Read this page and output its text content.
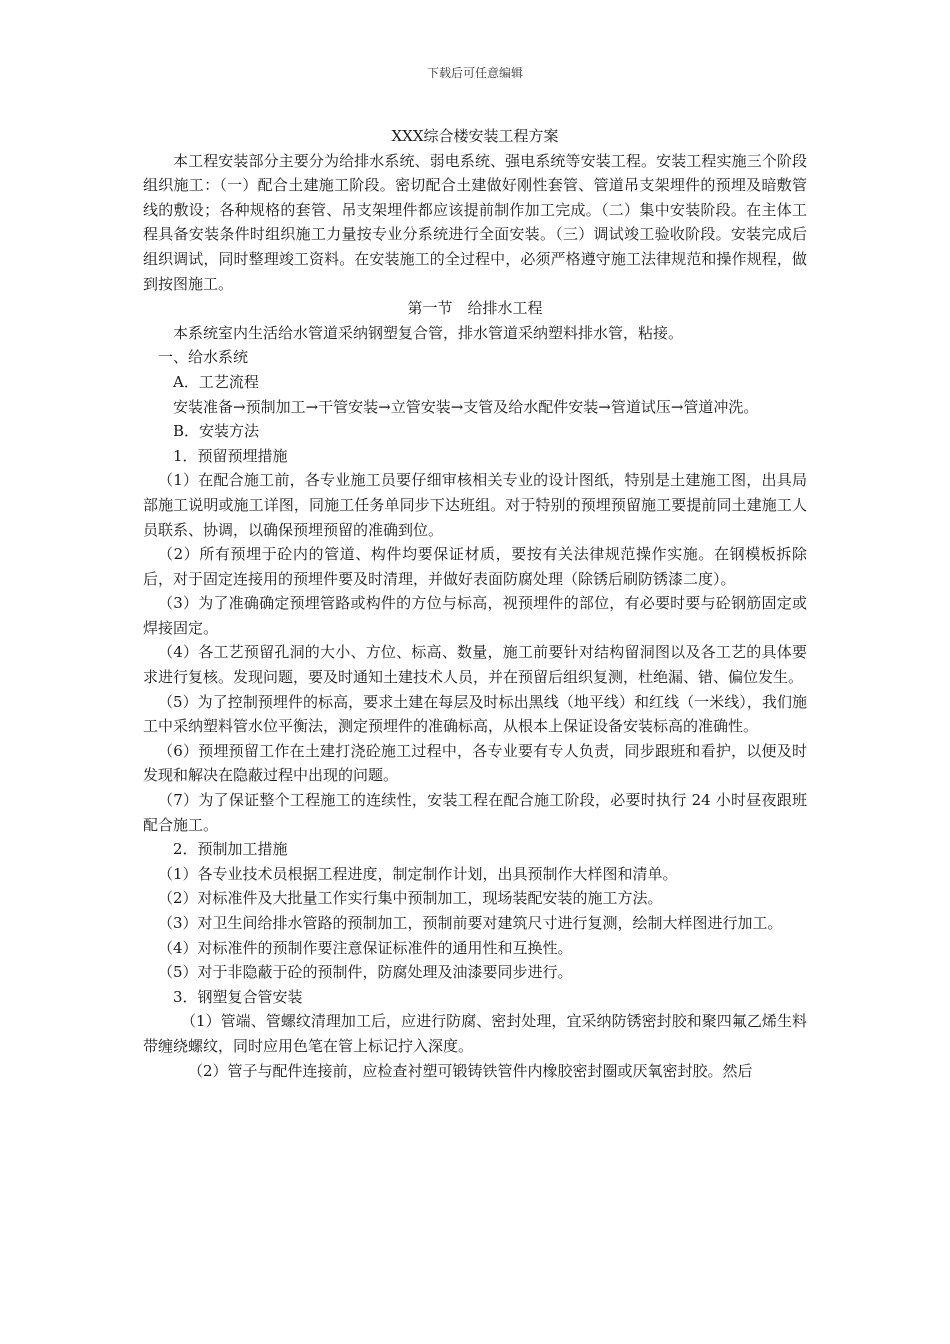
下载后可任意编辑

XXX综合楼安装工程方案

本工程安装部分主要分为给排水系统、弱电系统、强电系统等安装工程。安装工程实施三个阶段组织施工：（一）配合土建施工阶段。密切配合土建做好刚性套管、管道吊支架埋件的预埋及暗敷管线的敷设；各种规格的套管、吊支架埋件都应该提前制作加工完成。（二）集中安装阶段。在主体工程具备安装条件时组织施工力量按专业分系统进行全面安装。（三）调试竣工验收阶段。安装完成后组织调试，同时整理竣工资料。在安装施工的全过程中，必须严格遵守施工法律规范和操作规程，做到按图施工。

第一节　给排水工程

本系统室内生活给水管道采纳钢塑复合管，排水管道采纳塑料排水管，粘接。

一、给水系统

A．工艺流程

安装准备→预制加工→干管安装→立管安装→支管及给水配件安装→管道试压→管道冲洗。

B．安装方法

1．预留预埋措施

（1）在配合施工前，各专业施工员要仔细审核相关专业的设计图纸，特别是土建施工图，出具局部施工说明或施工详图，同施工任务单同步下达班组。对于特别的预埋预留施工要提前同土建施工人员联系、协调，以确保预埋预留的准确到位。

（2）所有预埋于砼内的管道、构件均要保证材质，要按有关法律规范操作实施。在钢模板拆除后，对于固定连接用的预埋件要及时清理，并做好表面防腐处理（除锈后刷防锈漆二度）。

（3）为了准确确定预埋管路或构件的方位与标高，视预埋件的部位，有必要时要与砼钢筋固定或焊接固定。

（4）各工艺预留孔洞的大小、方位、标高、数量，施工前要针对结构留洞图以及各工艺的具体要求进行复核。发现问题，要及时通知土建技术人员，并在预留后组织复测，杜绝漏、错、偏位发生。

（5）为了控制预埋件的标高，要求土建在每层及时标出黑线（地平线）和红线（一米线），我们施工中采纳塑料管水位平衡法，测定预埋件的准确标高，从根本上保证设备安装标高的准确性。

（6）预埋预留工作在土建打浇砼施工过程中，各专业要有专人负责，同步跟班和看护，以便及时发现和解决在隐蔽过程中出现的问题。

（7）为了保证整个工程施工的连续性，安装工程在配合施工阶段，必要时执行 24 小时昼夜跟班配合施工。

2．预制加工措施

（1）各专业技术员根据工程进度，制定制作计划，出具预制作大样图和清单。

（2）对标准件及大批量工作实行集中预制加工，现场装配安装的施工方法。

（3）对卫生间给排水管路的预制加工，预制前要对建筑尺寸进行复测，绘制大样图进行加工。

（4）对标准件的预制作要注意保证标准件的通用性和互换性。

（5）对于非隐蔽于砼的预制件，防腐处理及油漆要同步进行。

3．钢塑复合管安装

（1）管端、管螺纹清理加工后，应进行防腐、密封处理，宜采纳防锈密封胶和聚四氟乙烯生料带缠绕螺纹，同时应用色笔在管上标记拧入深度。

（2）管子与配件连接前，应检查衬塑可锻铸铁管件内橡胶密封圈或厌氧密封胶。然后
